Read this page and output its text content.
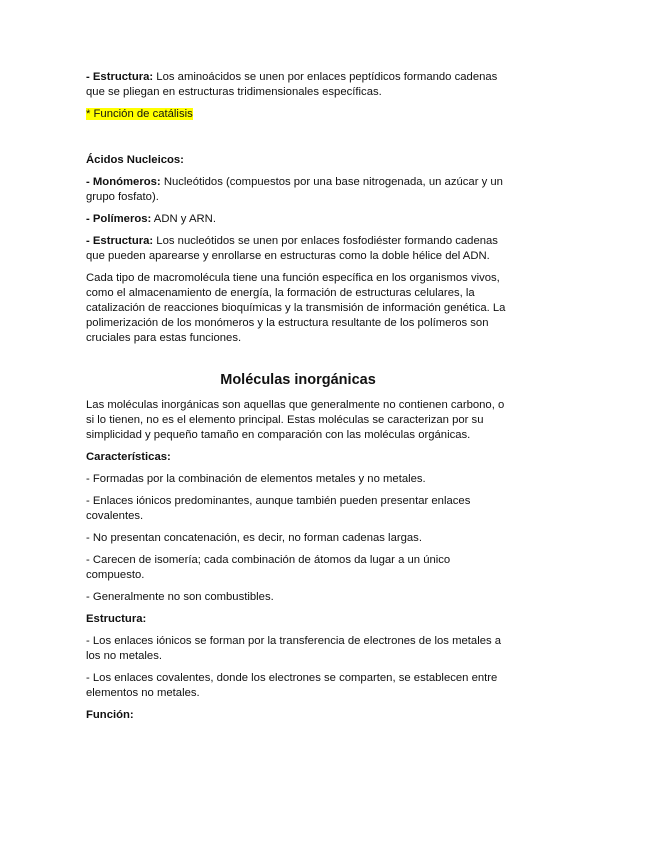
- Estructura: Los aminoácidos se unen por enlaces peptídicos formando cadenas que se pliegan en estructuras tridimensionales específicas.

* Función de catálisis

Ácidos Nucleicos:

- Monómeros: Nucleótidos (compuestos por una base nitrogenada, un azúcar y un grupo fosfato).

- Polímeros: ADN y ARN.

- Estructura: Los nucleótidos se unen por enlaces fosfodiéster formando cadenas que pueden aparearse y enrollarse en estructuras como la doble hélice del ADN.

Cada tipo de macromolécula tiene una función específica en los organismos vivos, como el almacenamiento de energía, la formación de estructuras celulares, la catalización de reacciones bioquímicas y la transmisión de información genética. La polimerización de los monómeros y la estructura resultante de los polímeros son cruciales para estas funciones.

Moléculas inorgánicas

Las moléculas inorgánicas son aquellas que generalmente no contienen carbono, o si lo tienen, no es el elemento principal. Estas moléculas se caracterizan por su simplicidad y pequeño tamaño en comparación con las moléculas orgánicas.

Características:

- Formadas por la combinación de elementos metales y no metales.

- Enlaces iónicos predominantes, aunque también pueden presentar enlaces covalentes.

- No presentan concatenación, es decir, no forman cadenas largas.

- Carecen de isomería; cada combinación de átomos da lugar a un único compuesto.

- Generalmente no son combustibles.

Estructura:

- Los enlaces iónicos se forman por la transferencia de electrones de los metales a los no metales.

- Los enlaces covalentes, donde los electrones se comparten, se establecen entre elementos no metales.

Función:
